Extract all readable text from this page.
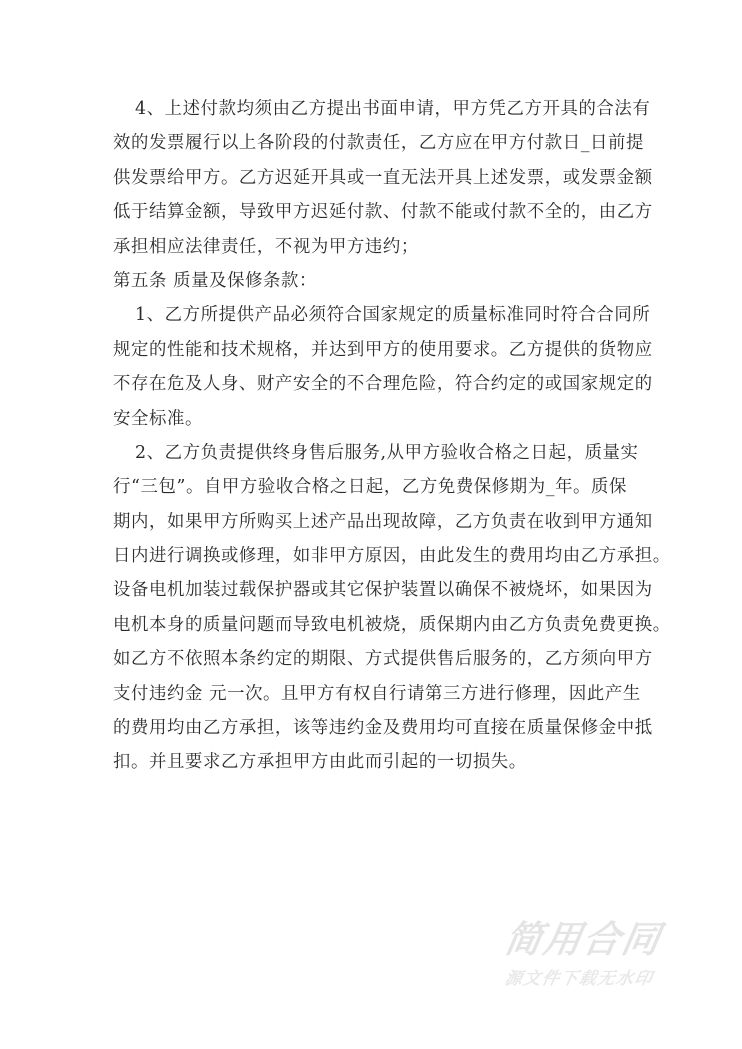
4、上述付款均须由乙方提出书面申请，甲方凭乙方开具的合法有
效的发票履行以上各阶段的付款责任，乙方应在甲方付款日_日前提
供发票给甲方。乙方迟延开具或一直无法开具上述发票，或发票金额
低于结算金额，导致甲方迟延付款、付款不能或付款不全的，由乙方
承担相应法律责任，不视为甲方违约；
第五条 质量及保修条款：
1、乙方所提供产品必须符合国家规定的质量标准同时符合合同所
规定的性能和技术规格，并达到甲方的使用要求。乙方提供的货物应
不存在危及人身、财产安全的不合理危险，符合约定的或国家规定的
安全标准。
2、乙方负责提供终身售后服务,从甲方验收合格之日起，质量实
行“三包”。自甲方验收合格之日起，乙方免费保修期为_年。质保
期内，如果甲方所购买上述产品出现故障，乙方负责在收到甲方通知
日内进行调换或修理，如非甲方原因，由此发生的费用均由乙方承担。
设备电机加装过载保护器或其它保护装置以确保不被烧坏，如果因为
电机本身的质量问题而导致电机被烧，质保期内由乙方负责免费更换。
如乙方不依照本条约定的期限、方式提供售后服务的，乙方须向甲方
支付违约金 元一次。且甲方有权自行请第三方进行修理，因此产生
的费用均由乙方承担，该等违约金及费用均可直接在质量保修金中抵
扣。并且要求乙方承担甲方由此而引起的一切损失。
简用合同
源文件下载无水印
